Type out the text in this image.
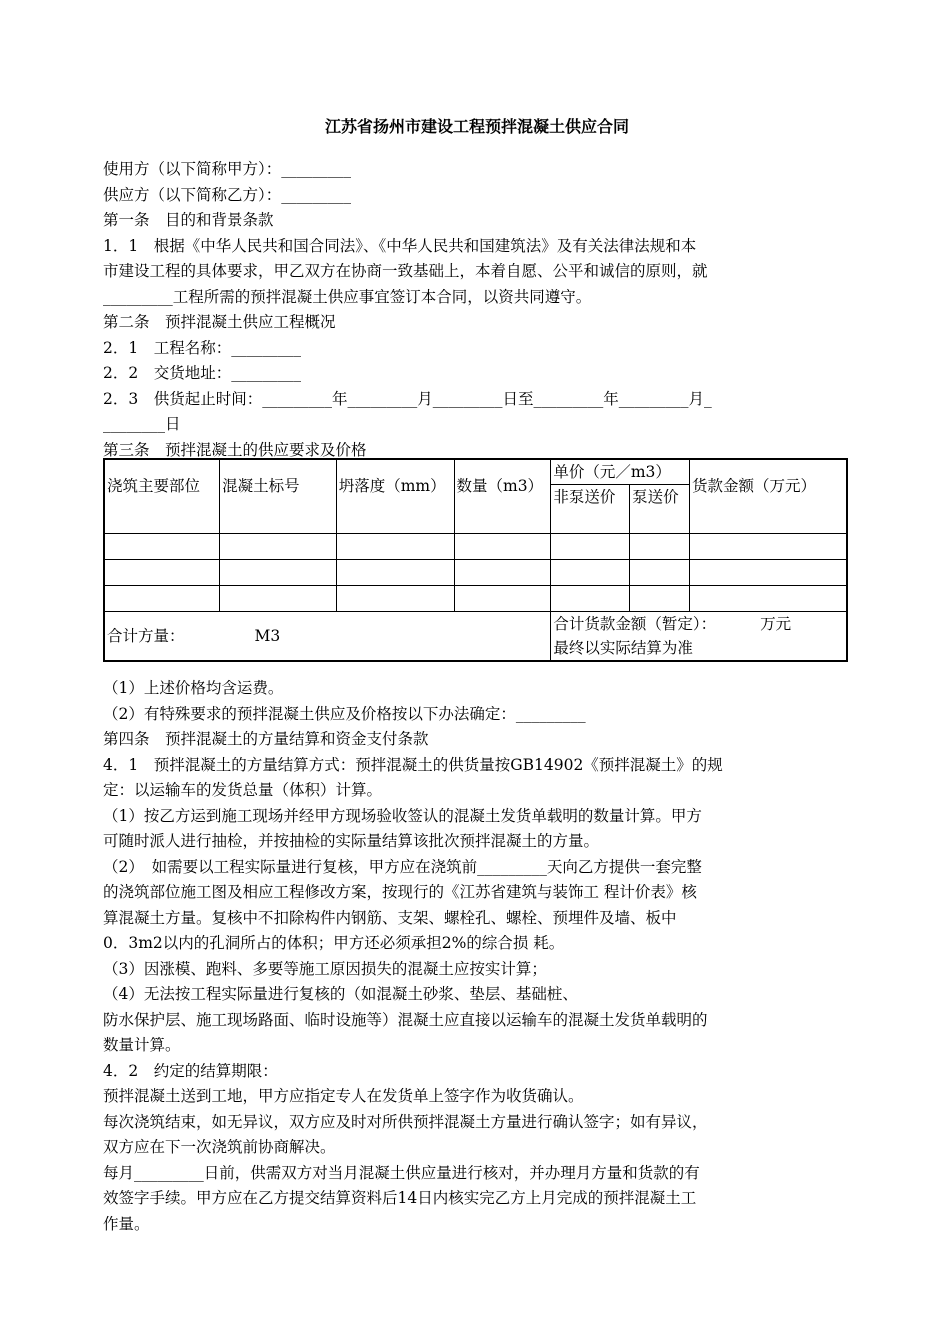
江苏省扬州市建设工程预拌混凝土供应合同
使用方（以下简称甲方）：_________
供应方（以下简称乙方）：_________
第一条　目的和背景条款
1．1　根据《中华人民共和国合同法》、《中华人民共和国建筑法》及有关法律法规和本
市建设工程的具体要求，甲乙双方在协商一致基础上，本着自愿、公平和诚信的原则，就
_________工程所需的预拌混凝土供应事宜签订本合同，以资共同遵守。
第二条　预拌混凝土供应工程概况
2．1　工程名称：_________
2．2　交货地址：_________
2．3　供货起止时间：_________年_________月_________日至_________年_________月_
________日
第三条　预拌混凝土的供应要求及价格
浇筑主要部位	混凝土标号	坍落度（mm）	数量（m3）	单价（元／m3）		货款金额（万元）
				非泵送价	泵送价	

合计方量： M3				合计货款金额（暂定）： 万元
最终以实际结算为准		
（1）上述价格均含运费。
（2）有特殊要求的预拌混凝土供应及价格按以下办法确定：_________
第四条　预拌混凝土的方量结算和资金支付条款
4．1　预拌混凝土的方量结算方式：预拌混凝土的供货量按GB14902《预拌混凝土》的规
定：以运输车的发货总量（体积）计算。
（1）按乙方运到施工现场并经甲方现场验收签认的混凝土发货单载明的数量计算。甲方
可随时派人进行抽检，并按抽检的实际量结算该批次预拌混凝土的方量。
（2）　如需要以工程实际量进行复核，甲方应在浇筑前_________天向乙方提供一套完整
的浇筑部位施工图及相应工程修改方案，按现行的《江苏省建筑与装饰工 程计价表》核
算混凝土方量。复核中不扣除构件内钢筋、支架、螺栓孔、螺栓、预埋件及墙、板中
0．3m2以内的孔洞所占的体积；甲方还必须承担2%的综合损 耗。
（3）因涨模、跑料、多要等施工原因损失的混凝土应按实计算；
（4）无法按工程实际量进行复核的（如混凝土砂浆、垫层、基础桩、
防水保护层、施工现场路面、临时设施等）混凝土应直接以运输车的混凝土发货单载明的
数量计算。
4．2　约定的结算期限：
预拌混凝土送到工地，甲方应指定专人在发货单上签字作为收货确认。
每次浇筑结束，如无异议，双方应及时对所供预拌混凝土方量进行确认签字；如有异议，
双方应在下一次浇筑前协商解决。
每月_________日前，供需双方对当月混凝土供应量进行核对，并办理月方量和货款的有
效签字手续。甲方应在乙方提交结算资料后14日内核实完乙方上月完成的预拌混凝土工
作量。
